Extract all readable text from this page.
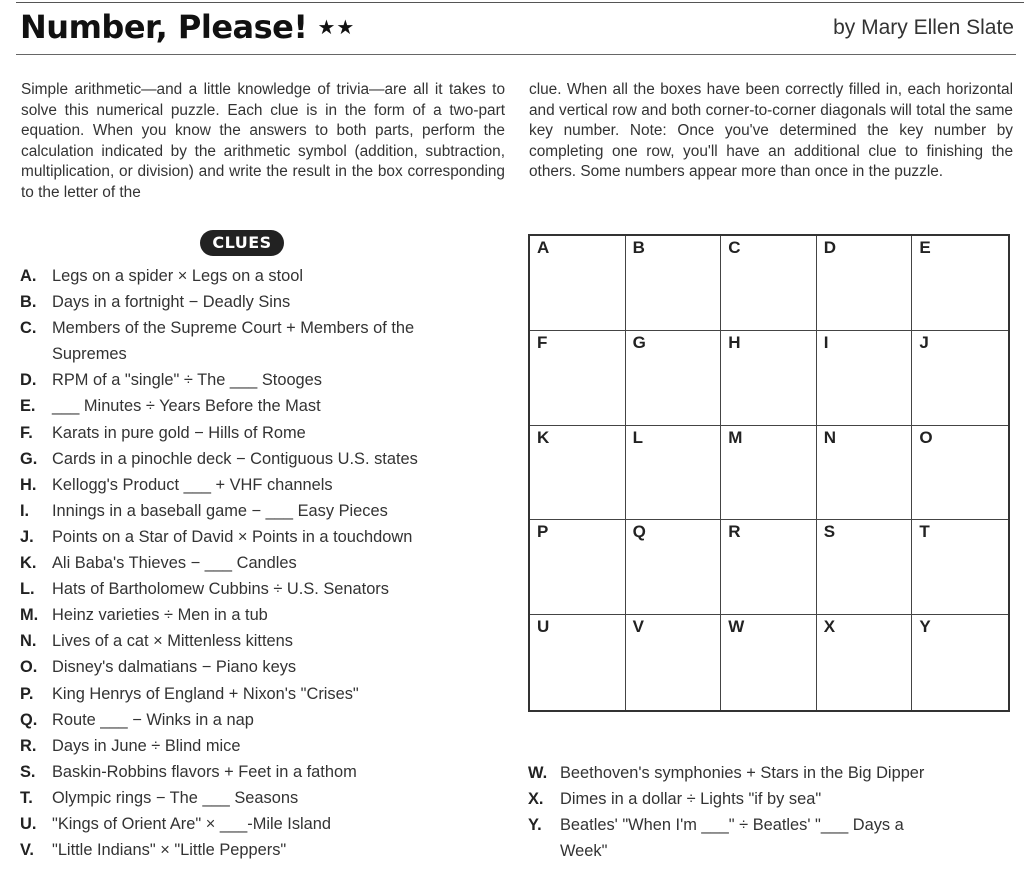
Number, Please! ★★	by Mary Ellen Slate
Simple arithmetic—and a little knowledge of trivia—are all it takes to solve this numerical puzzle. Each clue is in the form of a two-part equation. When you know the answers to both parts, perform the calculation indicated by the arithmetic symbol (addition, subtraction, multiplication, or division) and write the result in the box corresponding to the letter of the
clue. When all the boxes have been correctly filled in, each horizontal and vertical row and both corner-to-corner diagonals will total the same key number. Note: Once you've determined the key number by completing one row, you'll have an additional clue to finishing the others. Some numbers appear more than once in the puzzle.
CLUES
A. Legs on a spider × Legs on a stool
B. Days in a fortnight − Deadly Sins
C. Members of the Supreme Court + Members of the
Supremes
D. RPM of a "single" ÷ The ___ Stooges
E. ___ Minutes ÷ Years Before the Mast
F. Karats in pure gold − Hills of Rome
G. Cards in a pinochle deck − Contiguous U.S. states
H. Kellogg's Product ___ + VHF channels
I. Innings in a baseball game − ___ Easy Pieces
J. Points on a Star of David × Points in a touchdown
K. Ali Baba's Thieves − ___ Candles
L. Hats of Bartholomew Cubbins ÷ U.S. Senators
M. Heinz varieties ÷ Men in a tub
N. Lives of a cat × Mittenless kittens
O. Disney's dalmatians − Piano keys
P. King Henrys of England + Nixon's "Crises"
Q. Route ___ − Winks in a nap
R. Days in June ÷ Blind mice
S. Baskin-Robbins flavors + Feet in a fathom
T. Olympic rings − The ___ Seasons
U. "Kings of Orient Are" × ___-Mile Island
V. "Little Indians" × "Little Peppers"
W. Beethoven's symphonies + Stars in the Big Dipper
X. Dimes in a dollar ÷ Lights "if by sea"
Y. Beatles' "When I'm ___" ÷ Beatles' "___ Days a
Week"
A	B	C	D	E
F	G	H	I	J
K	L	M	N	O
P	Q	R	S	T
U	V	W	X	Y
